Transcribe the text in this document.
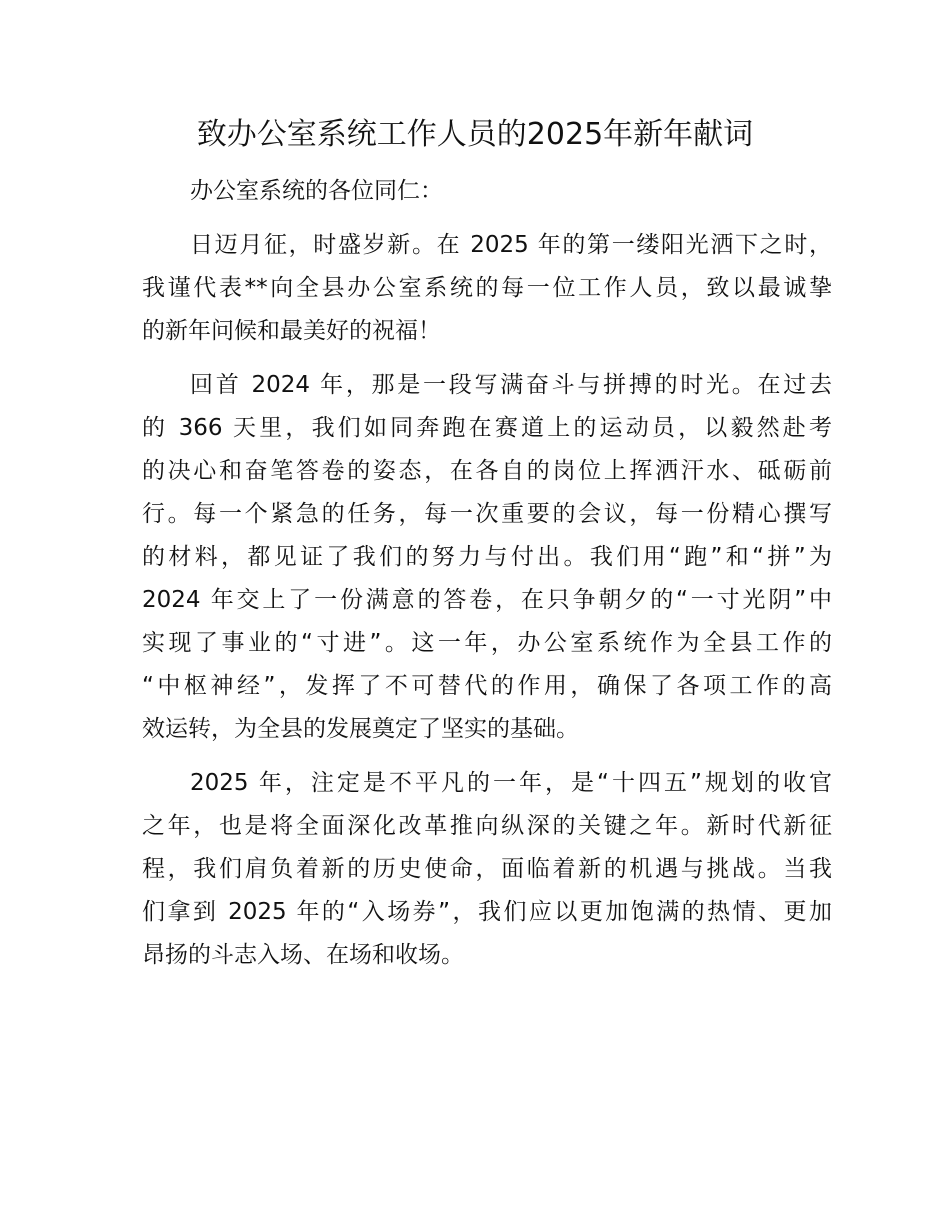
致办公室系统工作人员的2025年新年献词
办公室系统的各位同仁：
日迈月征，时盛岁新。在 2025 年的第一缕阳光洒下之时，
我谨代表**向全县办公室系统的每一位工作人员，致以最诚挚
的新年问候和最美好的祝福！
回首 2024 年，那是一段写满奋斗与拼搏的时光。在过去
的 366 天里，我们如同奔跑在赛道上的运动员，以毅然赴考
的决心和奋笔答卷的姿态，在各自的岗位上挥洒汗水、砥砺前
行。每一个紧急的任务，每一次重要的会议，每一份精心撰写
的材料，都见证了我们的努力与付出。我们用“跑”和“拼”为
2024 年交上了一份满意的答卷，在只争朝夕的“一寸光阴”中
实现了事业的“寸进”。这一年，办公室系统作为全县工作的
“中枢神经”，发挥了不可替代的作用，确保了各项工作的高
效运转，为全县的发展奠定了坚实的基础。
2025 年，注定是不平凡的一年，是“十四五”规划的收官
之年，也是将全面深化改革推向纵深的关键之年。新时代新征
程，我们肩负着新的历史使命，面临着新的机遇与挑战。当我
们拿到 2025 年的“入场券”，我们应以更加饱满的热情、更加
昂扬的斗志入场、在场和收场。
